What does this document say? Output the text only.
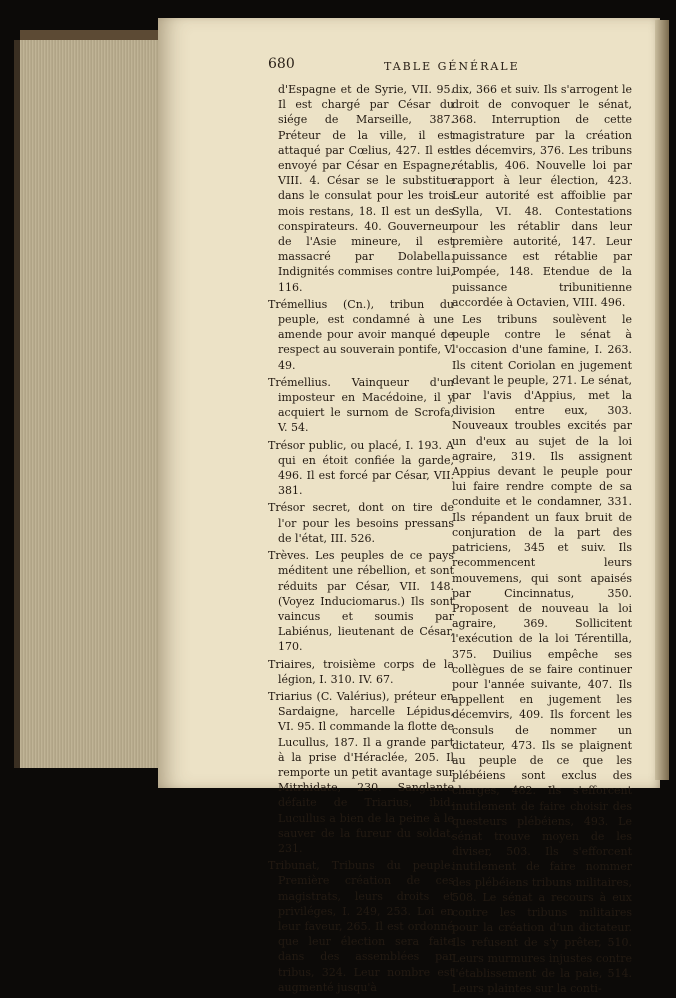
680	TABLE GÉNÉRALE

d'Espagne et de Syrie, VII. 95. Il est chargé par César du siége de Marseille, 387. Préteur de la ville, il est attaqué par Cœlius, 427. Il est envoyé par César en Espagne, VIII. 4. César se le substitue dans le consulat pour les trois mois restans, 18. Il est un des conspirateurs. 40. Gouverneur de l'Asie mineure, il est massacré par Dolabella. Indignités commises contre lui, 116.

Trémellius (Cn.), tribun du peuple, est condamné à une amende pour avoir manqué de respect au souverain pontife, V. 49.

Trémellius. Vainqueur d'un imposteur en Macédoine, il y acquiert le surnom de Scrofa, V. 54.

Trésor public, ou placé, I. 193. A qui en étoit confiée la garde, 496. Il est forcé par César, VII. 381.

Trésor secret, dont on tire de l'or pour les besoins pressans de l'état, III. 526.

Trèves. Les peuples de ce pays méditent une rébellion, et sont réduits par César, VII. 148. (Voyez Induciomarus.) Ils sont vaincus et soumis par Labiénus, lieutenant de César, 170.

Triaires, troisième corps de la légion, I. 310. IV. 67.

Triarius (C. Valérius), préteur en Sardaigne, harcelle Lépidus, VI. 95. Il commande la flotte de Lucullus, 187. Il a grande part à la prise d'Héraclée, 205. Il remporte un petit avantage sur Mitrhidate, 230. Sanglante défaite de Triarius, ibid. Lucullus a bien de la peine à le sauver de la fureur du soldat, 231.

Tribunat, Tribuns du peuple. Première création de ces magistrats, leurs droits et priviléges, I. 249, 253. Loi en leur faveur, 265. Il est ordonné que leur élection sera faite dans des assemblées par tribus, 324. Leur nombre est augmenté jusqu'à

dix, 366 et suiv. Ils s'arrogent le droit de convoquer le sénat, 368. Interruption de cette magistrature par la création des décemvirs, 376. Les tribuns rétablis, 406. Nouvelle loi par rapport à leur élection, 423. Leur autorité est affoiblie par Sylla, VI. 48. Contestations pour les rétablir dans leur première autorité, 147. Leur puissance est rétablie par Pompée, 148. Etendue de la puissance tribunitienne accordée à Octavien, VIII. 496.

Les tribuns soulèvent le peuple contre le sénat à l'occasion d'une famine, I. 263. Ils citent Coriolan en jugement devant le peuple, 271. Le sénat, par l'avis d'Appius, met la division entre eux, 303. Nouveaux troubles excités par un d'eux au sujet de la loi agraire, 319. Ils assignent Appius devant le peuple pour lui faire rendre compte de sa conduite et le condamner, 331. Ils répandent un faux bruit de conjuration de la part des patriciens, 345 et suiv. Ils recommencent leurs mouvemens, qui sont apaisés par Cincinnatus, 350. Proposent de nouveau la loi agraire, 369. Sollicitent l'exécution de la loi Térentilla, 375. Duilius empêche ses collègues de se faire continuer pour l'année suivante, 407. Ils appellent en jugement les décemvirs, 409. Ils forcent les consuls de nommer un dictateur, 473. Ils se plaignent au peuple de ce que les plébéiens sont exclus des charges, 482. Ils s'efforcent inutilement de faire choisir des questeurs plébéiens, 493. Le sénat trouve moyen de les diviser, 503. Ils s'efforcent inutilement de faire nommer des plébéiens tribuns militaires, 508. Le sénat a recours à eux contre les tribuns militaires pour la création d'un dictateur. Ils refusent de s'y prêter, 510. Leurs murmures injustes contre l'établissement de la paie, 514. Leurs plaintes sur la conti-
